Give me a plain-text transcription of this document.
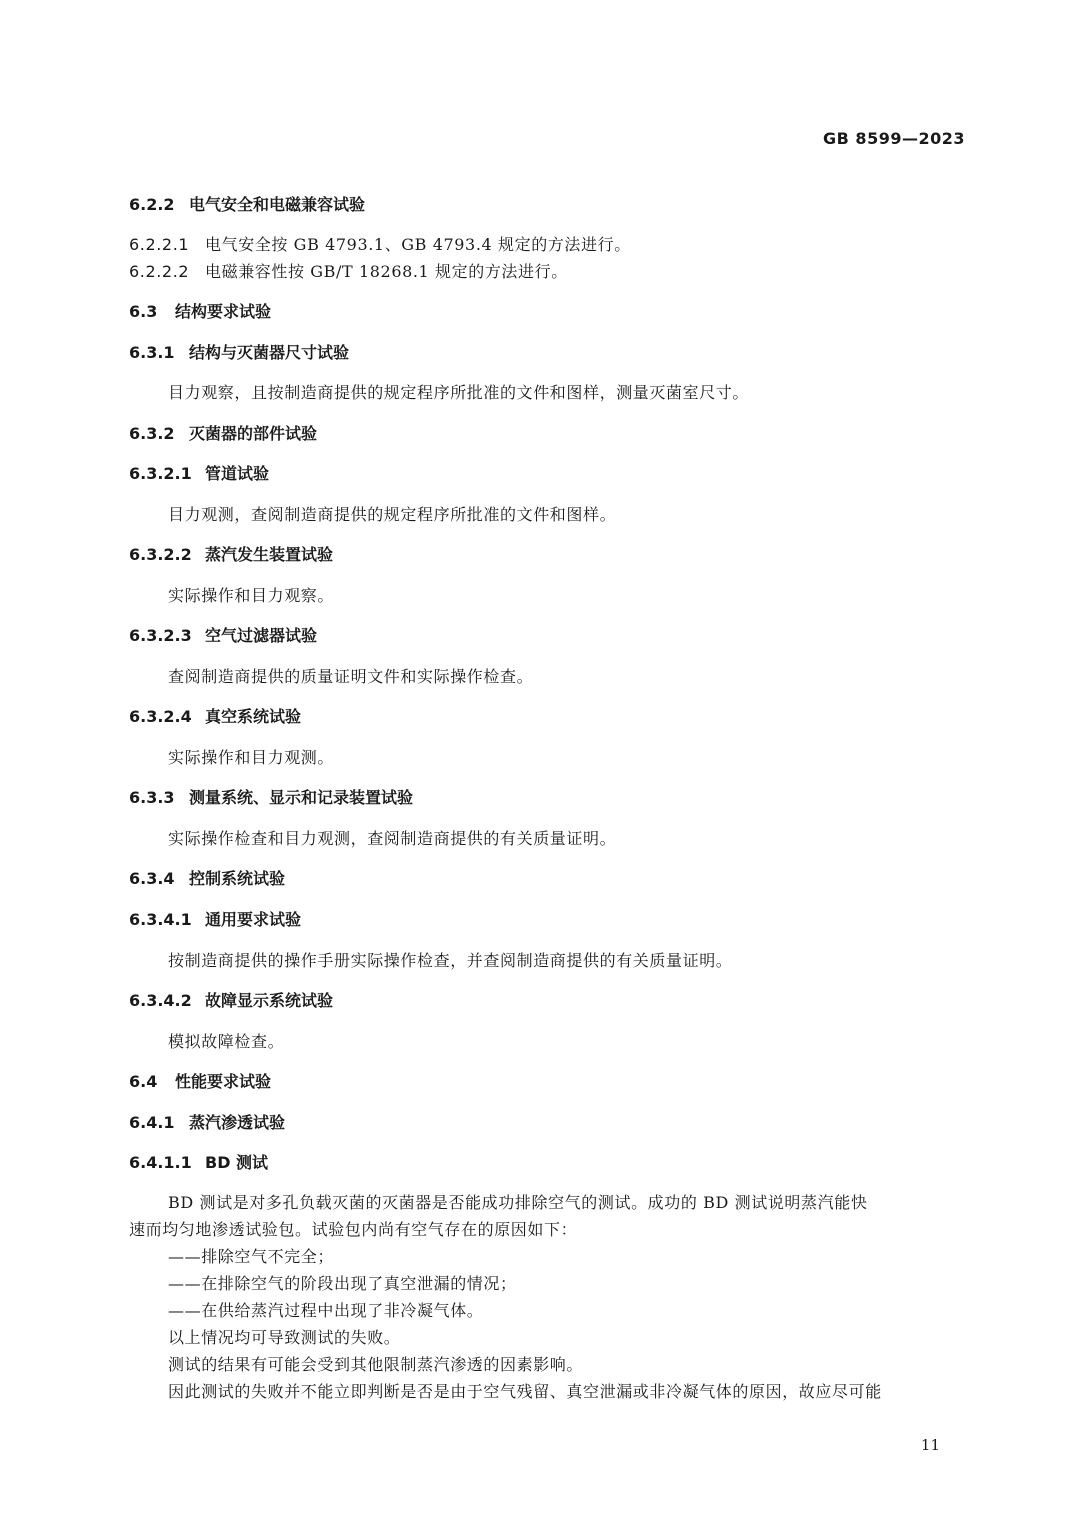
GB 8599—2023
6.2.2 电气安全和电磁兼容试验
6.2.2.1 电气安全按 GB 4793.1、GB 4793.4 规定的方法进行。
6.2.2.2 电磁兼容性按 GB/T 18268.1 规定的方法进行。
6.3 结构要求试验
6.3.1 结构与灭菌器尺寸试验
目力观察，且按制造商提供的规定程序所批准的文件和图样，测量灭菌室尺寸。
6.3.2 灭菌器的部件试验
6.3.2.1 管道试验
目力观测，查阅制造商提供的规定程序所批准的文件和图样。
6.3.2.2 蒸汽发生装置试验
实际操作和目力观察。
6.3.2.3 空气过滤器试验
查阅制造商提供的质量证明文件和实际操作检查。
6.3.2.4 真空系统试验
实际操作和目力观测。
6.3.3 测量系统、显示和记录装置试验
实际操作检查和目力观测，查阅制造商提供的有关质量证明。
6.3.4 控制系统试验
6.3.4.1 通用要求试验
按制造商提供的操作手册实际操作检查，并查阅制造商提供的有关质量证明。
6.3.4.2 故障显示系统试验
模拟故障检查。
6.4 性能要求试验
6.4.1 蒸汽渗透试验
6.4.1.1 BD 测试
BD 测试是对多孔负载灭菌的灭菌器是否能成功排除空气的测试。成功的 BD 测试说明蒸汽能快
速而均匀地渗透试验包。试验包内尚有空气存在的原因如下：
——排除空气不完全；
——在排除空气的阶段出现了真空泄漏的情况；
——在供给蒸汽过程中出现了非冷凝气体。
以上情况均可导致测试的失败。
测试的结果有可能会受到其他限制蒸汽渗透的因素影响。
因此测试的失败并不能立即判断是否是由于空气残留、真空泄漏或非冷凝气体的原因，故应尽可能
11
